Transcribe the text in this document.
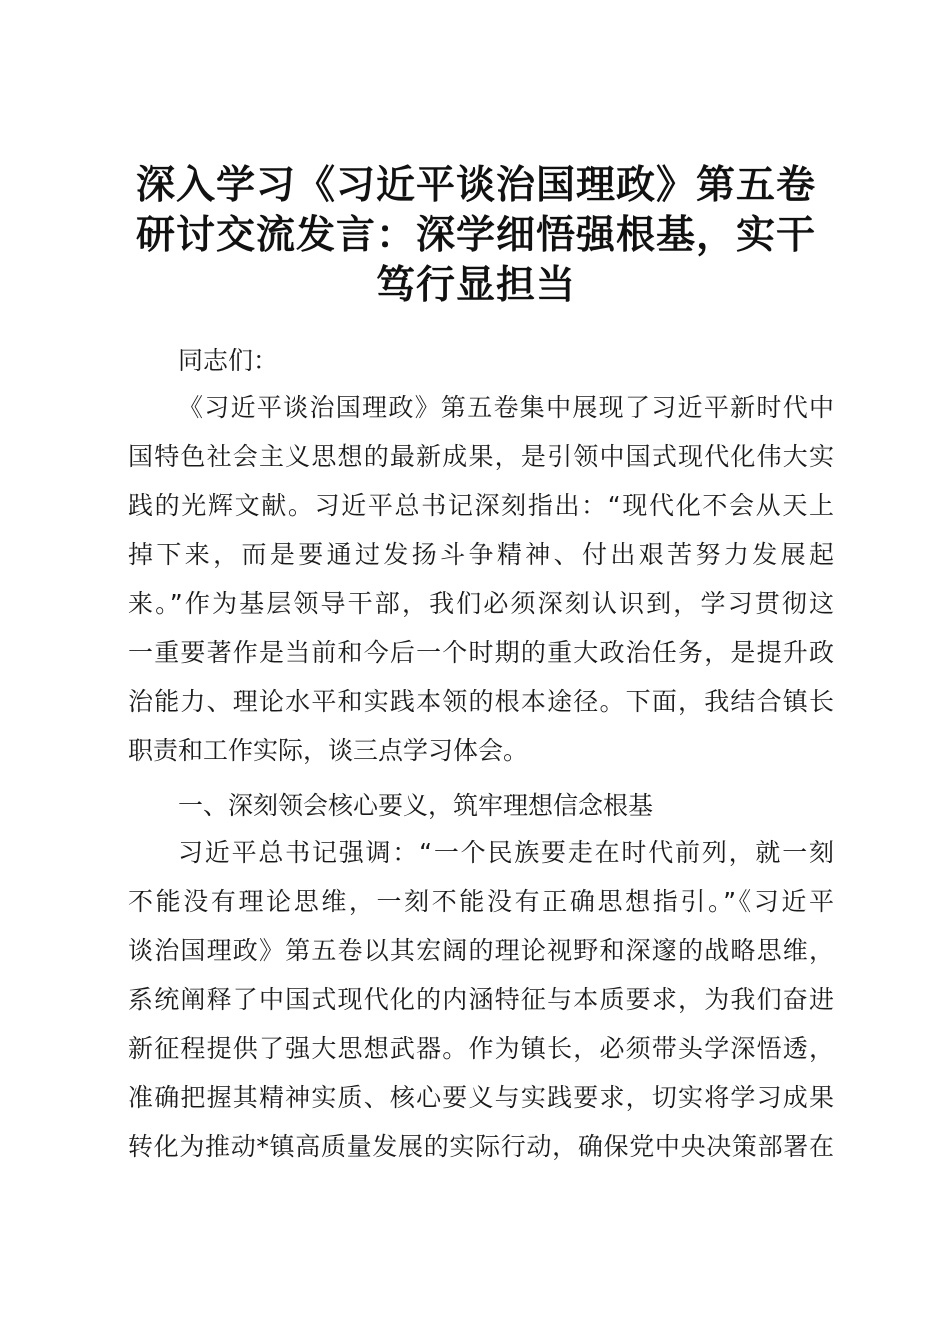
深入学习《习近平谈治国理政》第五卷
研讨交流发言：深学细悟强根基，实干
笃行显担当
同志们：
《习近平谈治国理政》第五卷集中展现了习近平新时代中
国特色社会主义思想的最新成果，是引领中国式现代化伟大实
践的光辉文献。习近平总书记深刻指出：“现代化不会从天上
掉下来，而是要通过发扬斗争精神、付出艰苦努力发展起
来。”作为基层领导干部，我们必须深刻认识到，学习贯彻这
一重要著作是当前和今后一个时期的重大政治任务，是提升政
治能力、理论水平和实践本领的根本途径。下面，我结合镇长
职责和工作实际，谈三点学习体会。
一、深刻领会核心要义，筑牢理想信念根基
习近平总书记强调：“一个民族要走在时代前列，就一刻
不能没有理论思维，一刻不能没有正确思想指引。”《习近平
谈治国理政》第五卷以其宏阔的理论视野和深邃的战略思维，
系统阐释了中国式现代化的内涵特征与本质要求，为我们奋进
新征程提供了强大思想武器。作为镇长，必须带头学深悟透，
准确把握其精神实质、核心要义与实践要求，切实将学习成果
转化为推动*镇高质量发展的实际行动，确保党中央决策部署在
